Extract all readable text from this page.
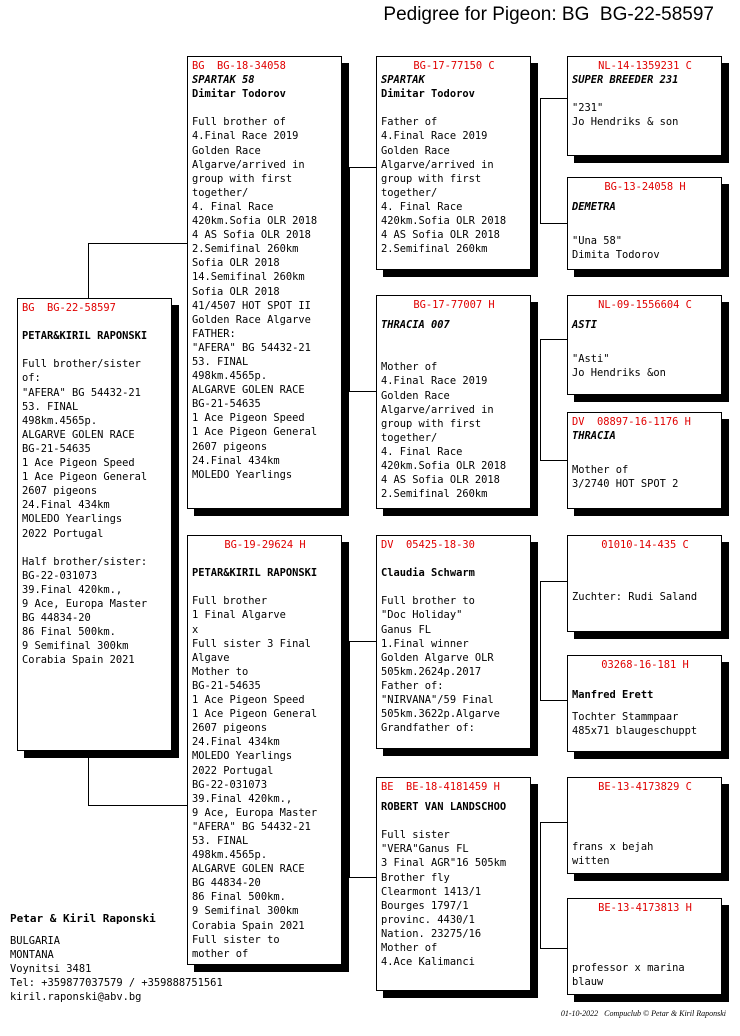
Pedigree for Pigeon: BG  BG-22-58597
BG  BG-22-58597
PETAR&KIRIL RAPONSKI
Full brother/sister
of:
"AFERA" BG 54432-21
53. FINAL
498km.4565p.
ALGARVE GOLEN RACE
BG-21-54635
1 Ace Pigeon Speed
1 Ace Pigeon General
2607 pigeons
24.Final 434km
MOLEDO Yearlings
2022 Portugal

Half brother/sister:
BG-22-031073
39.Final 420km.,
9 Ace, Europa Master
BG 44834-20
86 Final 500km.
9 Semifinal 300km
Corabia Spain 2021
BG  BG-18-34058
SPARTAK 58
Dimitar Todorov
Full brother of
4.Final Race 2019
Golden Race
Algarve/arrived in
group with first
together/
4. Final Race
420km.Sofia OLR 2018
4 AS Sofia OLR 2018
2.Semifinal 260km
Sofia OLR 2018
14.Semifinal 260km
Sofia OLR 2018
41/4507 HOT SPOT II
Golden Race Algarve
FATHER:
"AFERA" BG 54432-21
53. FINAL
498km.4565p.
ALGARVE GOLEN RACE
BG-21-54635
1 Ace Pigeon Speed
1 Ace Pigeon General
2607 pigeons
24.Final 434km
MOLEDO Yearlings
BG-19-29624 H
PETAR&KIRIL RAPONSKI
Full brother
1 Final Algarve
x
Full sister 3 Final
Algave
Mother to
BG-21-54635
1 Ace Pigeon Speed
1 Ace Pigeon General
2607 pigeons
24.Final 434km
MOLEDO Yearlings
2022 Portugal
BG-22-031073
39.Final 420km.,
9 Ace, Europa Master
"AFERA" BG 54432-21
53. FINAL
498km.4565p.
ALGARVE GOLEN RACE
BG 44834-20
86 Final 500km.
9 Semifinal 300km
Corabia Spain 2021
Full sister to
mother of
BG-17-77150 C
SPARTAK
Dimitar Todorov
Father of
4.Final Race 2019
Golden Race
Algarve/arrived in
group with first
together/
4. Final Race
420km.Sofia OLR 2018
4 AS Sofia OLR 2018
2.Semifinal 260km
BG-17-77007 H
THRACIA 007
Mother of
4.Final Race 2019
Golden Race
Algarve/arrived in
group with first
together/
4. Final Race
420km.Sofia OLR 2018
4 AS Sofia OLR 2018
2.Semifinal 260km
DV  05425-18-30
Claudia Schwarm
Full brother to
"Doc Holiday"
Ganus FL
1.Final winner
Golden Algarve OLR
505km.2624p.2017
Father of:
"NIRVANA"/59 Final
505km.3622p.Algarve
Grandfather of:
BE  BE-18-4181459 H
ROBERT VAN LANDSCHOO
Full sister
"VERA"Ganus FL
3 Final AGR"16 505km
Brother fly
Clearmont 1413/1
Bourges 1797/1
provinc. 4430/1
Nation. 23275/16
Mother of
4.Ace Kalimanci
NL-14-1359231 C
SUPER BREEDER 231
"231"
Jo Hendriks & son
BG-13-24058 H
DEMETRA
"Una 58"
Dimita Todorov
NL-09-1556604 C
ASTI
"Asti"
Jo Hendriks &on
DV  08897-16-1176 H
THRACIA
Mother of
3/2740 HOT SPOT 2
01010-14-435 C
Zuchter: Rudi Saland
03268-16-181 H
Manfred Erett
Tochter Stammpaar
485x71 blaugeschuppt
BE-13-4173829 C
frans x bejah
witten
BE-13-4173813 H
professor x marina
blauw
Petar & Kiril Raponski
BULGARIA
MONTANA
Voynitsi 3481
Tel: +359877037579 / +359888751561
kiril.raponski@abv.bg
01-10-2022   Compuclub © Petar & Kiril Raponski
